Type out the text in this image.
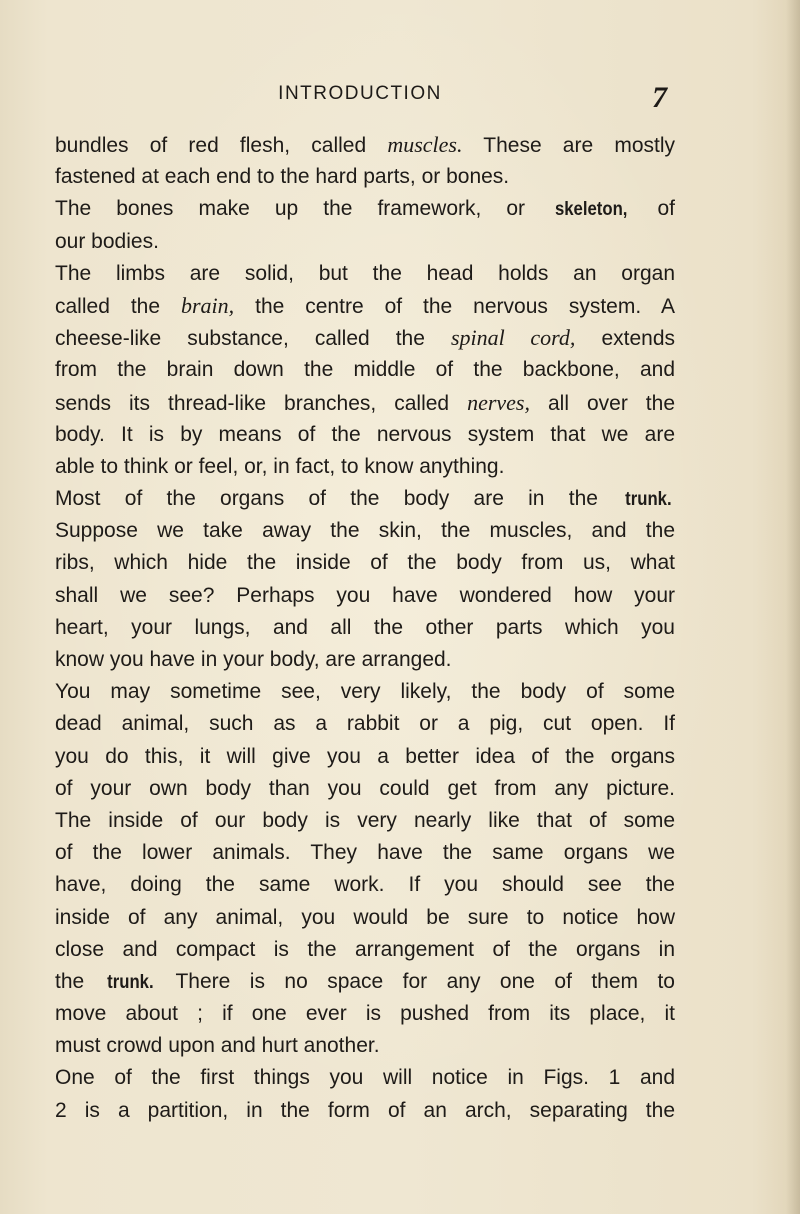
INTRODUCTION	7
bundles of red flesh, called muscles. These are mostly
fastened at each end to the hard parts, or bones.
The bones make up the framework, or skeleton, of
our bodies.
The limbs are solid, but the head holds an organ
called the brain, the centre of the nervous system. A
cheese-like substance, called the spinal cord, extends
from the brain down the middle of the backbone, and
sends its thread-like branches, called nerves, all over the
body. It is by means of the nervous system that we are
able to think or feel, or, in fact, to know anything.
Most of the organs of the body are in the trunk.
Suppose we take away the skin, the muscles, and the
ribs, which hide the inside of the body from us, what
shall we see? Perhaps you have wondered how your
heart, your lungs, and all the other parts which you
know you have in your body, are arranged.
You may sometime see, very likely, the body of some
dead animal, such as a rabbit or a pig, cut open. If
you do this, it will give you a better idea of the organs
of your own body than you could get from any picture.
The inside of our body is very nearly like that of some
of the lower animals. They have the same organs we
have, doing the same work. If you should see the
inside of any animal, you would be sure to notice how
close and compact is the arrangement of the organs in
the trunk. There is no space for any one of them to
move about ; if one ever is pushed from its place, it
must crowd upon and hurt another.
One of the first things you will notice in Figs. 1 and
2 is a partition, in the form of an arch, separating the
